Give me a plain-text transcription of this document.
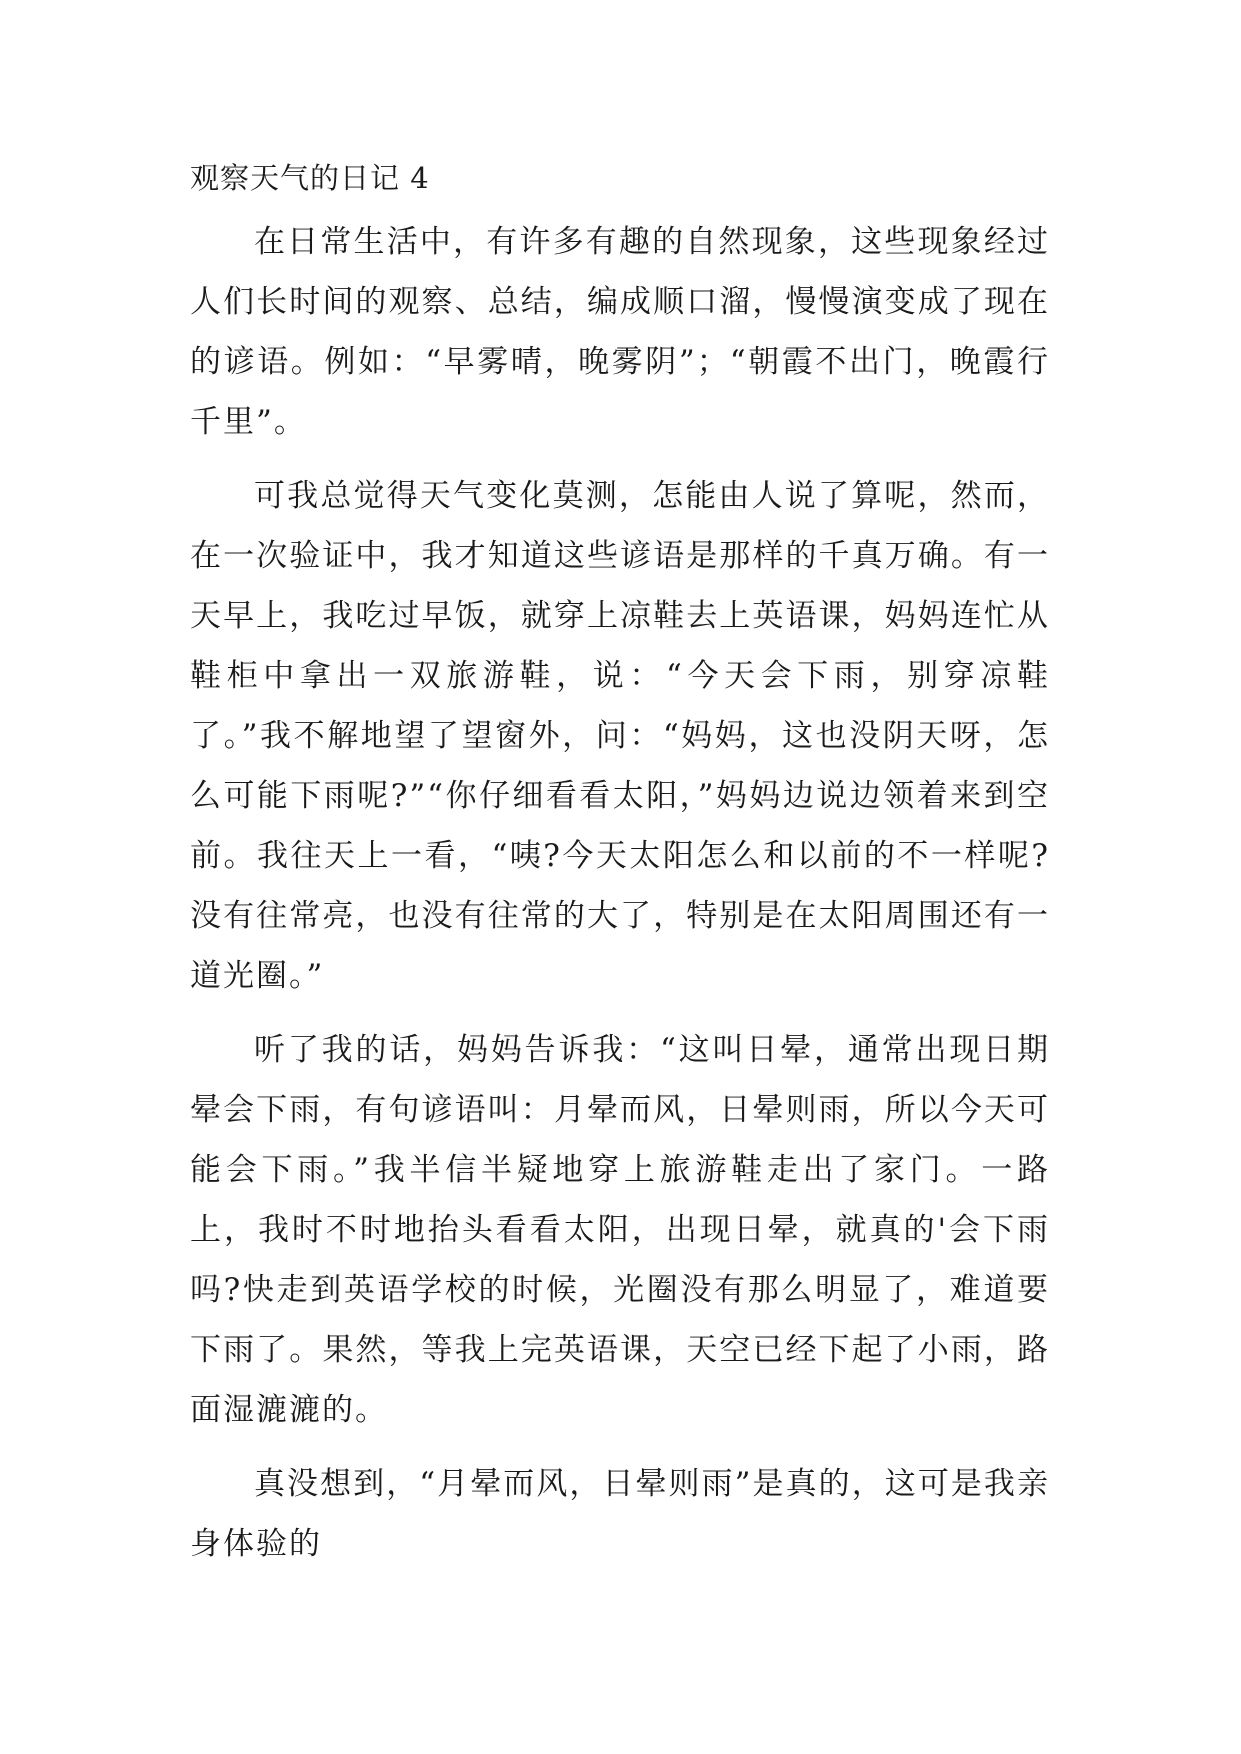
观察天气的日记 4

在日常生活中，有许多有趣的自然现象，这些现象经过人们长时间的观察、总结，编成顺口溜，慢慢演变成了现在的谚语。例如：“早雾晴，晚雾阴”；“朝霞不出门，晚霞行千里”。

可我总觉得天气变化莫测，怎能由人说了算呢，然而，在一次验证中，我才知道这些谚语是那样的千真万确。有一天早上，我吃过早饭，就穿上凉鞋去上英语课，妈妈连忙从鞋柜中拿出一双旅游鞋，说：“今天会下雨，别穿凉鞋了。”我不解地望了望窗外，问：“妈妈，这也没阴天呀，怎么可能下雨呢?”“你仔细看看太阳，”妈妈边说边领着来到空前。我往天上一看，“咦?今天太阳怎么和以前的不一样呢?没有往常亮，也没有往常的大了，特别是在太阳周围还有一道光圈。”

听了我的话，妈妈告诉我：“这叫日晕，通常出现日期晕会下雨，有句谚语叫：月晕而风，日晕则雨，所以今天可能会下雨。”我半信半疑地穿上旅游鞋走出了家门。一路上，我时不时地抬头看看太阳，出现日晕，就真的'会下雨吗?快走到英语学校的时候，光圈没有那么明显了，难道要下雨了。果然，等我上完英语课，天空已经下起了小雨，路面湿漉漉的。

真没想到，“月晕而风，日晕则雨”是真的，这可是我亲身体验的
